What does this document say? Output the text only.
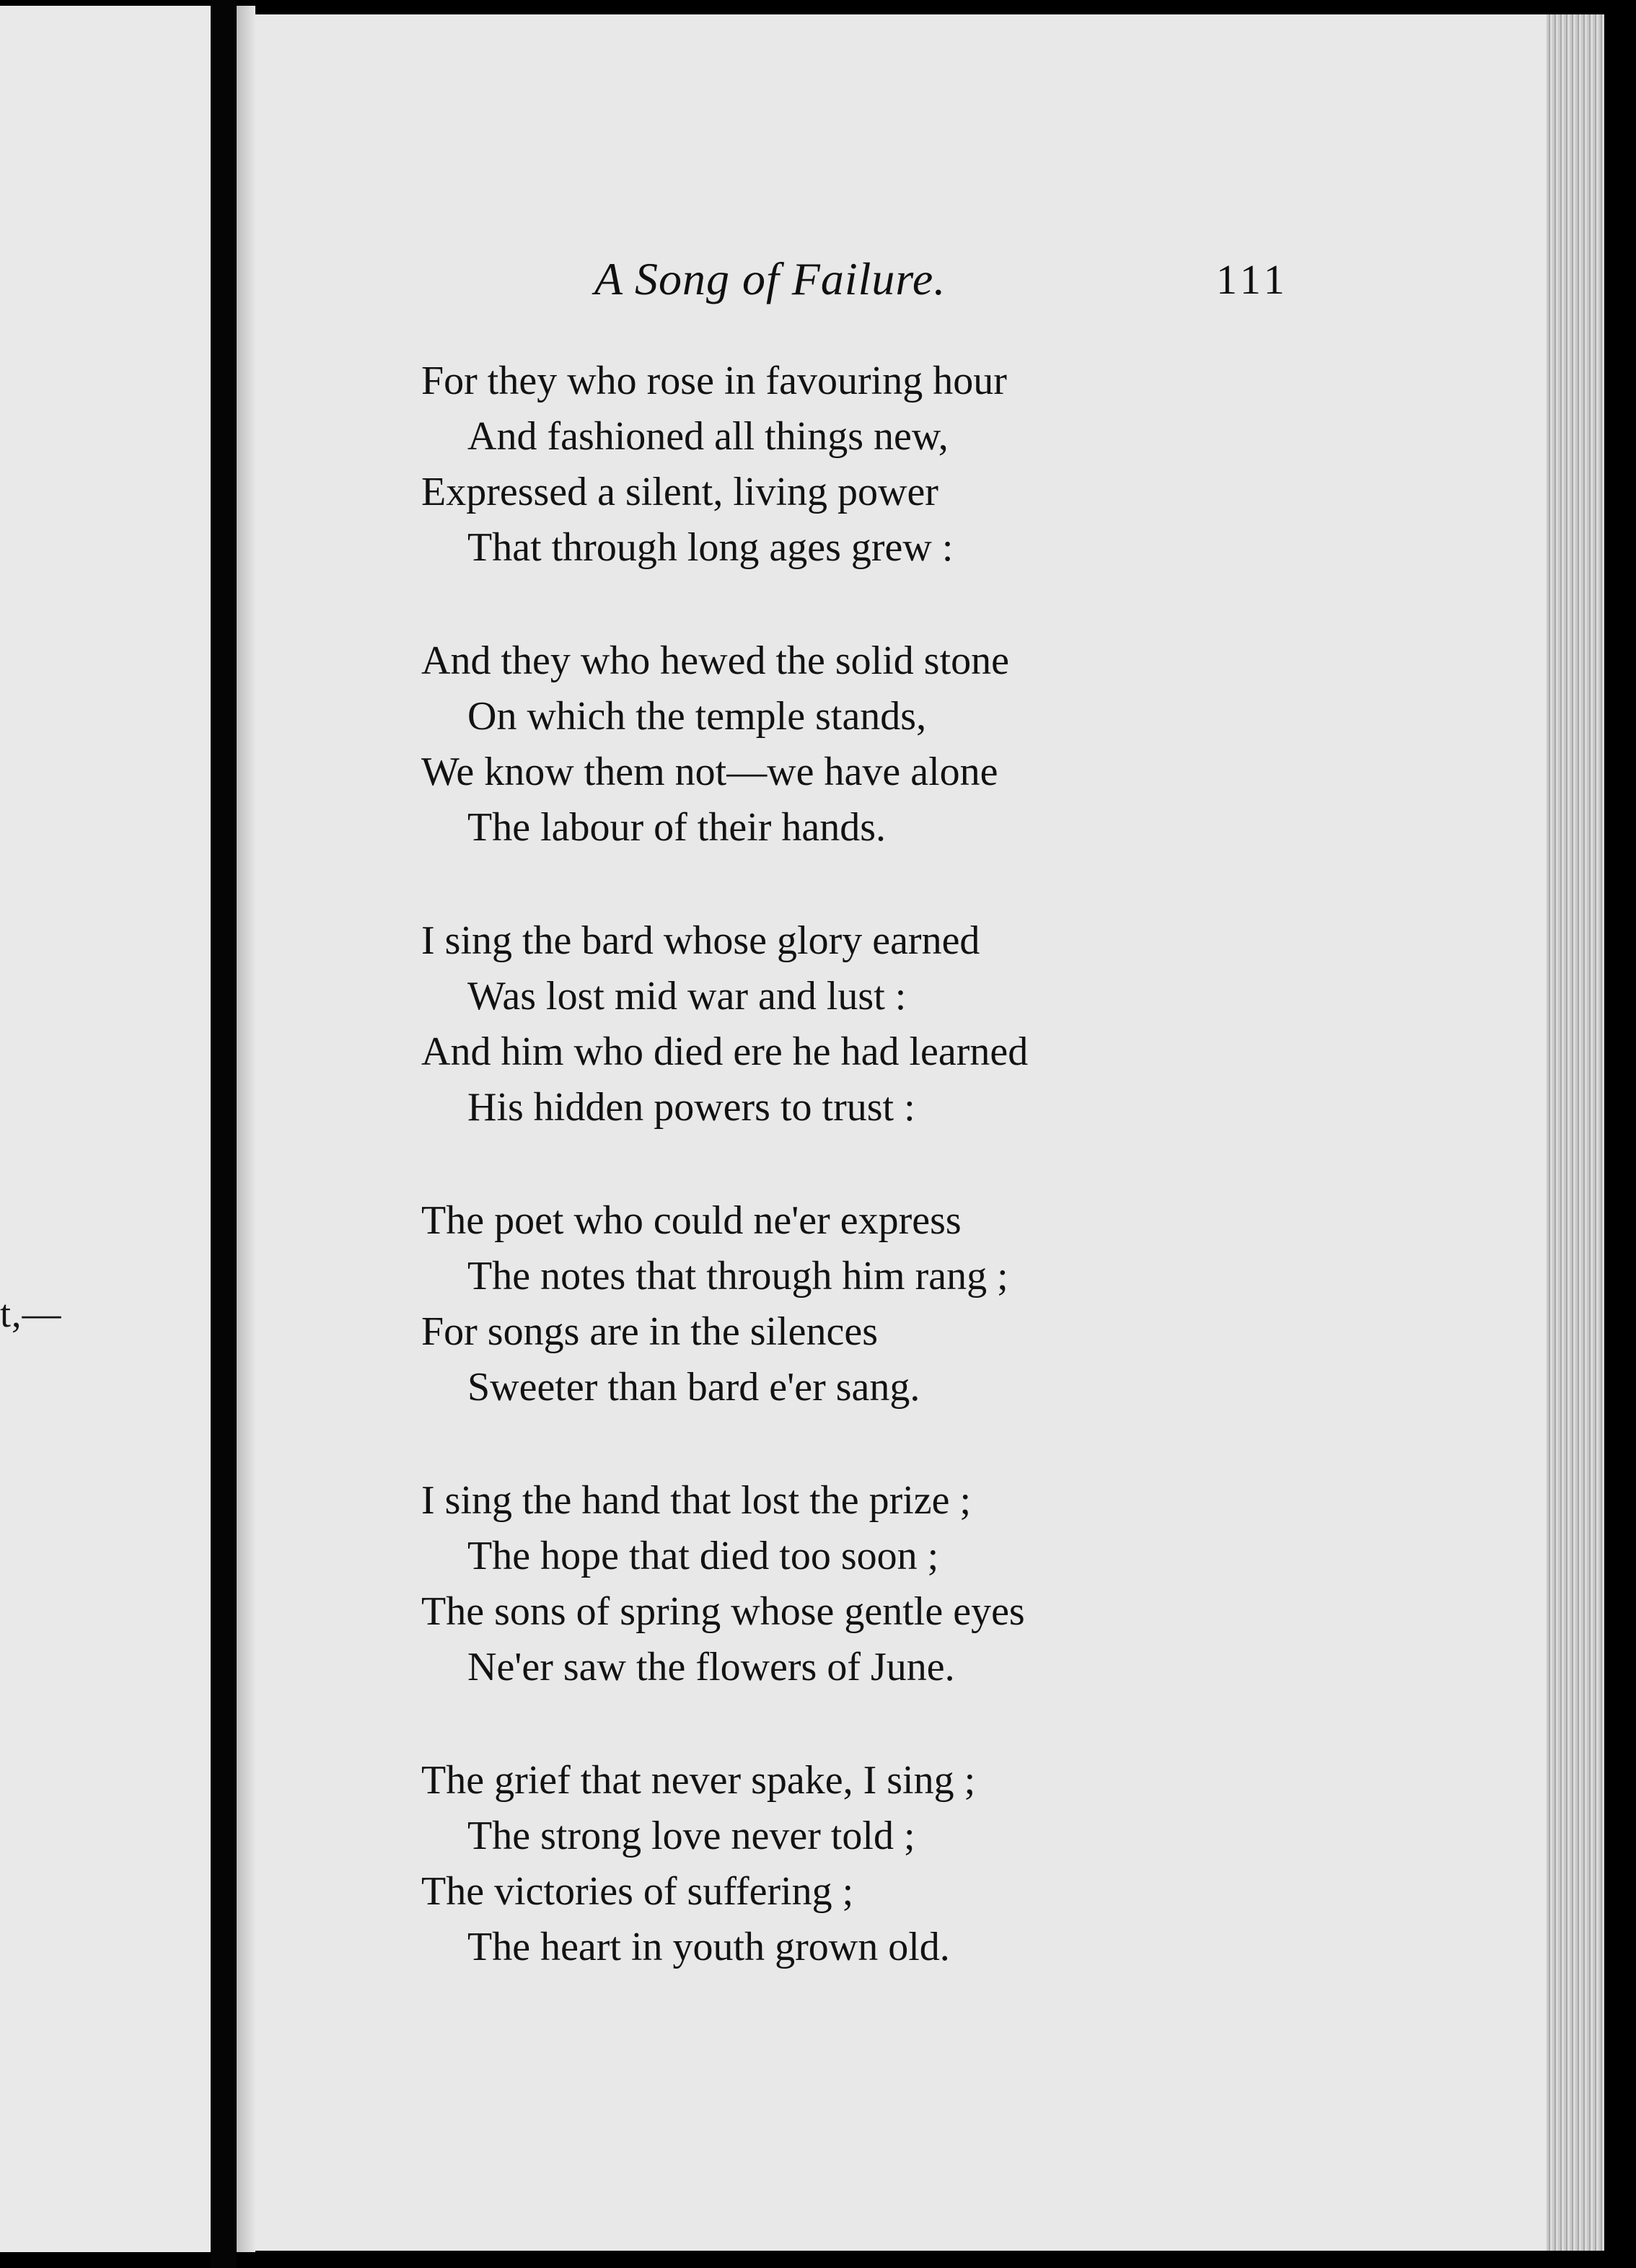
t,—
A Song of Failure.	111
For they who rose in favouring hour
And fashioned all things new,
Expressed a silent, living power
That through long ages grew :
And they who hewed the solid stone
On which the temple stands,
We know them not—we have alone
The labour of their hands.
I sing the bard whose glory earned
Was lost mid war and lust :
And him who died ere he had learned
His hidden powers to trust :
The poet who could ne'er express
The notes that through him rang ;
For songs are in the silences
Sweeter than bard e'er sang.
I sing the hand that lost the prize ;
The hope that died too soon ;
The sons of spring whose gentle eyes
Ne'er saw the flowers of June.
The grief that never spake, I sing ;
The strong love never told ;
The victories of suffering ;
The heart in youth grown old.
